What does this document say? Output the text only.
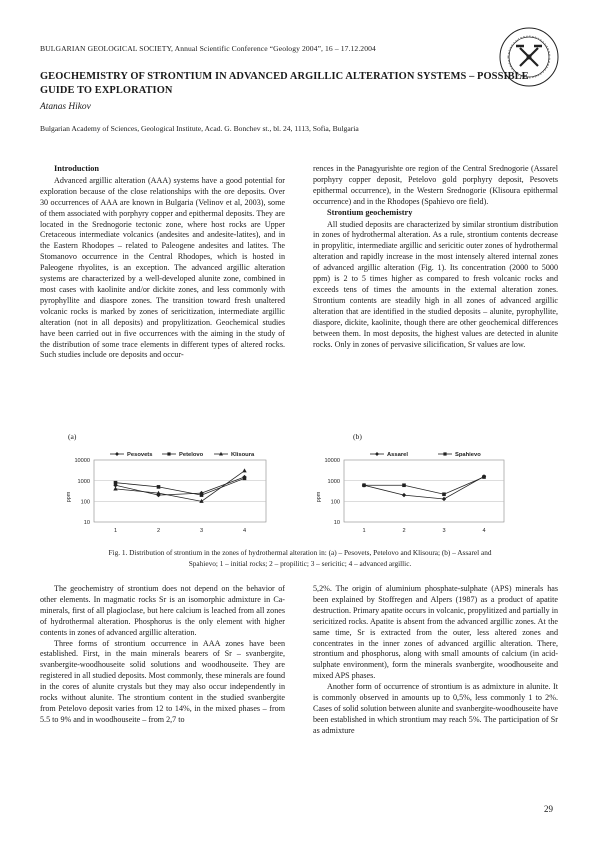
BULGARIAN GEOLOGICAL SOCIETY, Annual Scientific Conference “Geology 2004”, 16 – 17.12.2004
GEOCHEMISTRY OF STRONTIUM IN ADVANCED ARGILLIC ALTERATION SYSTEMS – POSSIBLE GUIDE TO EXPLORATION
Atanas Hikov
Bulgarian Academy of Sciences, Geological Institute, Acad. G. Bonchev st., bl. 24, 1113, Sofia, Bulgaria
Introduction

Advanced argillic alteration (AAA) systems have a good potential for exploration because of the close relationships with the ore deposits. Over 30 occurrences of AAA are known in Bulgaria (Velinov et al, 2003), some of them associated with porphyry copper and epithermal deposits. They are located in the Srednogorie tectonic zone, where host rocks are Upper Cretaceous intermediate volcanics (andesites and andesite-latites), and in the Eastern Rhodopes – related to Paleogene andesites and latites. The Stomanovo occurrence in the Central Rhodopes, which is hosted in Paleogene rhyolites, is an exception. The advanced argillic alteration systems are characterized by a well-developed alunite zone, combined in most cases with kaolinite and/or dickite zones, and less commonly with pyrophyllite and diaspore zones. The transition toward fresh unaltered volcanic rocks is marked by zones of sericitization, intermediate argillic alteration (not in all deposits) and propylitization. Geochemical studies have been carried out in five occurrences with the aiming in the study of the distribution of some trace elements in different types of altered rocks. Such studies include ore deposits and occur-

rences in the Panagyurishte ore region of the Central Srednogorie (Assarel porphyry copper deposit, Petelovo gold porphyry deposit, Pesovets epithermal occurrence), in the Western Srednogorie (Klisoura epithermal occurrence) and in the Rhodopes (Spahievo ore field).

Strontium geochemistry

All studied deposits are characterized by similar strontium distribution in zones of hydrothermal alteration. As a rule, strontium contents decrease in propylitic, intermediate argillic and sericitic outer zones of hydrothermal alteration and rapidly increase in the most intensely altered internal zones of advanced argillic alteration (Fig. 1). Its concentration (2000 to 5000 ppm) is 2 to 5 times higher as compared to fresh volcanic rocks and exceeds tens of times the amounts in the external alteration zones. Strontium contents are steadily high in all zones of advanced argillic alteration that are identified in the studied deposits – alunite, pyrophyllite, diaspore, dickite, kaolinite, though there are other geochemical differences between them. In most deposits, the highest values are detected in alunite rocks. Only in zones of pervasive silicification, Sr values are low.

(a)	(b)
10
100
1000
10000
1	2	3	4
ppm
Pesovets	Petelovo	Klisoura
10
100
1000
10000
1	2	3	4
ppm
Assarel	Spahievo
Fig. 1. Distribution of strontium in the zones of hydrothermal alteration in: (a) – Pesovets, Petelovo and Klisoura; (b) – Assarel and
Spahievo; 1 – initial rocks; 2 – propilitic; 3 – sericitic; 4 – advanced argillic.

The geochemistry of strontium does not depend on the behavior of other elements. In magmatic rocks Sr is an isomorphic admixture in Ca-minerals, first of all plagioclase, but here calcium is leached from all zones of hydrothermal alteration. Phosphorus is the only element with higher contents in zones of advanced argillic alteration.

Three forms of strontium occurrence in AAA zones have been established. First, in the main minerals bearers of Sr – svanbergite, svanbergite-woodhouseite solid solutions and woodhouseite. They are registered in all studied deposits. Most commonly, these minerals are found in the cores of alunite crystals but they may also occur independently in rocks without alunite. The strontium content in the studied svanbergite from Petelovo deposit varies from 12 to 14%, in the mixed phases – from 5.5 to 9% and in woodhouseite – from 2,7 to

5,2%. The origin of aluminium phosphate-sulphate (APS) minerals has been explained by Stoffregen and Alpers (1987) as a product of apatite destruction. Primary apatite occurs in volcanic, propylitized and partially in sericitized rocks. Apatite is absent from the advanced argillic zones. At the same time, Sr is extracted from the outer, less altered zones and concentrates in the inner zones of advanced argillic alteration. There, strontium and phosphorus, along with small amounts of calcium (in acid-sulphate environment), form the minerals svanbergite, woodhouseite and mixed APS phases.

Another form of occurrence of strontium is as admixture in alunite. It is commonly observed in amounts up to 0,5%, less commonly 1 to 2%. Cases of solid solution between alunite and svanbergite-woodhouseite have been established in which strontium may reach 5%. The participation of Sr as admixture

29
